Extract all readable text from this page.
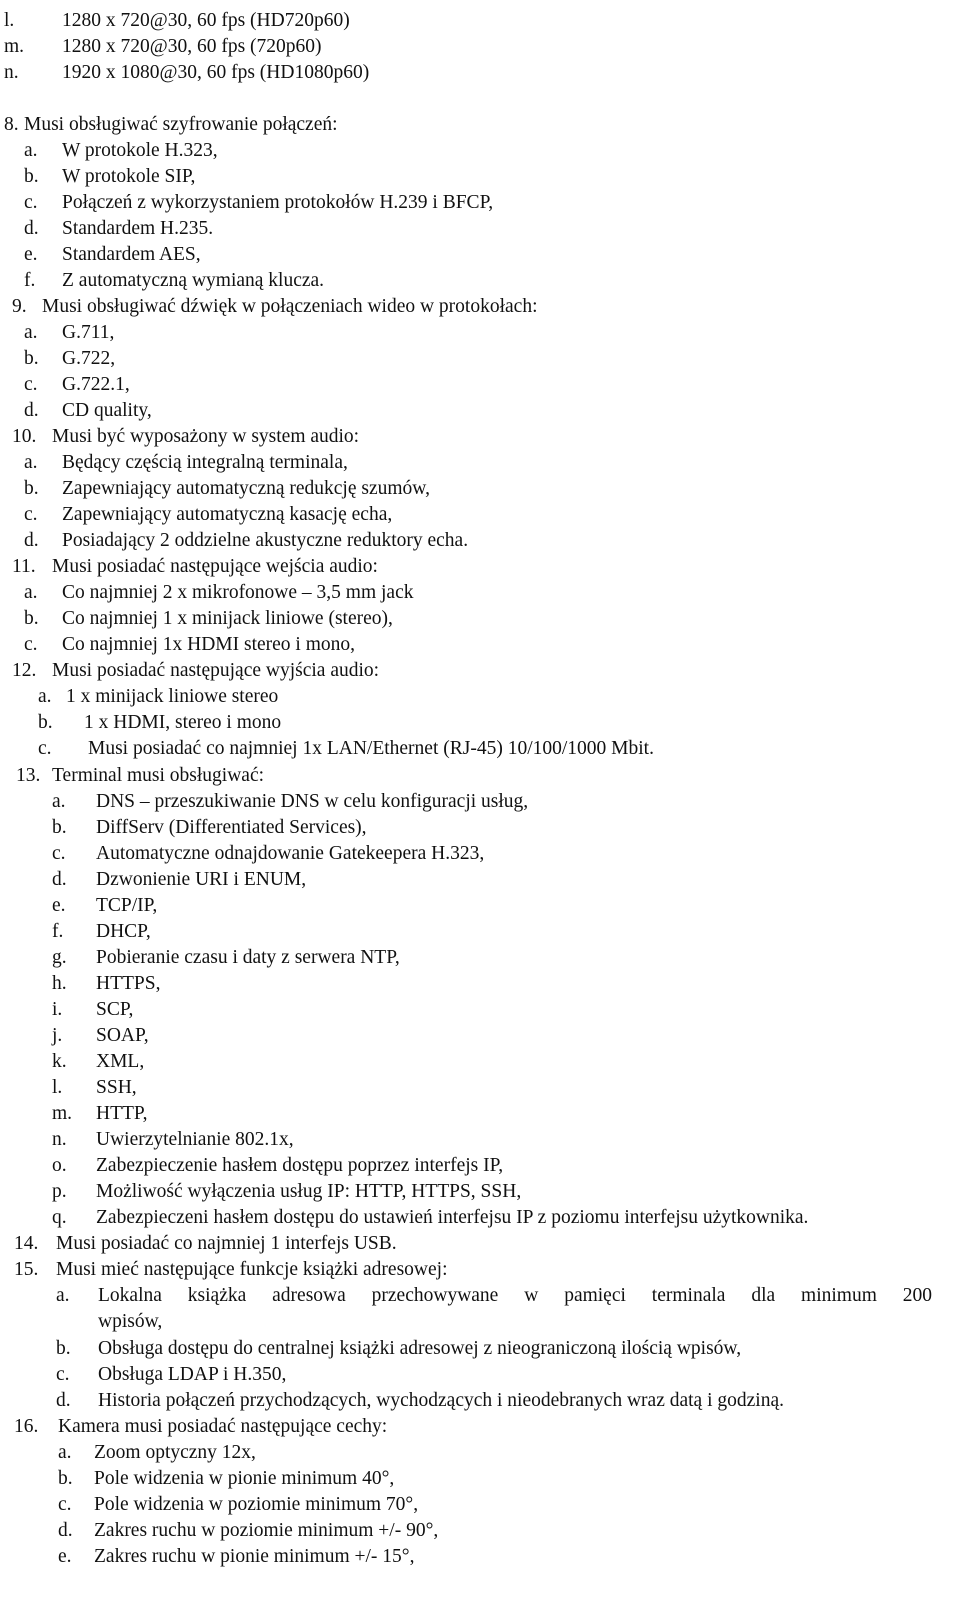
l. 1280 x 720@30, 60 fps (HD720p60)
m. 1280 x 720@30, 60 fps (720p60)
n. 1920 x 1080@30, 60 fps (HD1080p60)
8. Musi obsługiwać szyfrowanie połączeń:
a. W protokole H.323,
b. W protokole SIP,
c. Połączeń z wykorzystaniem protokołów H.239 i BFCP,
d. Standardem H.235.
e. Standardem AES,
f. Z automatyczną wymianą klucza.
9. Musi obsługiwać dźwięk w połączeniach wideo w protokołach:
a. G.711,
b. G.722,
c. G.722.1,
d. CD quality,
10. Musi być wyposażony w system audio:
a. Będący częścią integralną terminala,
b. Zapewniający automatyczną redukcję szumów,
c. Zapewniający automatyczną kasację echa,
d. Posiadający 2 oddzielne akustyczne reduktory echa.
11. Musi posiadać następujące wejścia audio:
a. Co najmniej 2 x mikrofonowe – 3,5 mm jack
b. Co najmniej 1 x minijack liniowe (stereo),
c. Co najmniej 1x HDMI stereo i mono,
12. Musi posiadać następujące wyjścia audio:
a. 1 x minijack liniowe stereo
b. 1 x HDMI, stereo i mono
c. Musi posiadać co najmniej 1x LAN/Ethernet (RJ-45) 10/100/1000 Mbit.
13. Terminal musi obsługiwać:
a. DNS – przeszukiwanie DNS w celu konfiguracji usług,
b. DiffServ (Differentiated Services),
c. Automatyczne odnajdowanie Gatekeepera H.323,
d. Dzwonienie URI i ENUM,
e. TCP/IP,
f. DHCP,
g. Pobieranie czasu i daty z serwera NTP,
h. HTTPS,
i. SCP,
j. SOAP,
k. XML,
l. SSH,
m. HTTP,
n. Uwierzytelnianie 802.1x,
o. Zabezpieczenie hasłem dostępu poprzez interfejs IP,
p. Możliwość wyłączenia usług IP: HTTP, HTTPS, SSH,
q. Zabezpieczeni hasłem dostępu do ustawień interfejsu IP z poziomu interfejsu użytkownika.
14. Musi posiadać co najmniej 1 interfejs USB.
15. Musi mieć następujące funkcje książki adresowej:
a. Lokalna książka adresowa przechowywane w pamięci terminala dla minimum 200
wpisów,
b. Obsługa dostępu do centralnej książki adresowej z nieograniczoną ilością wpisów,
c. Obsługa LDAP i H.350,
d. Historia połączeń przychodzących, wychodzących i nieodebranych wraz datą i godziną.
16. Kamera musi posiadać następujące cechy:
a. Zoom optyczny 12x,
b. Pole widzenia w pionie minimum 40°,
c. Pole widzenia w poziomie minimum 70°,
d. Zakres ruchu w poziomie minimum +/- 90°,
e. Zakres ruchu w pionie minimum +/- 15°,
